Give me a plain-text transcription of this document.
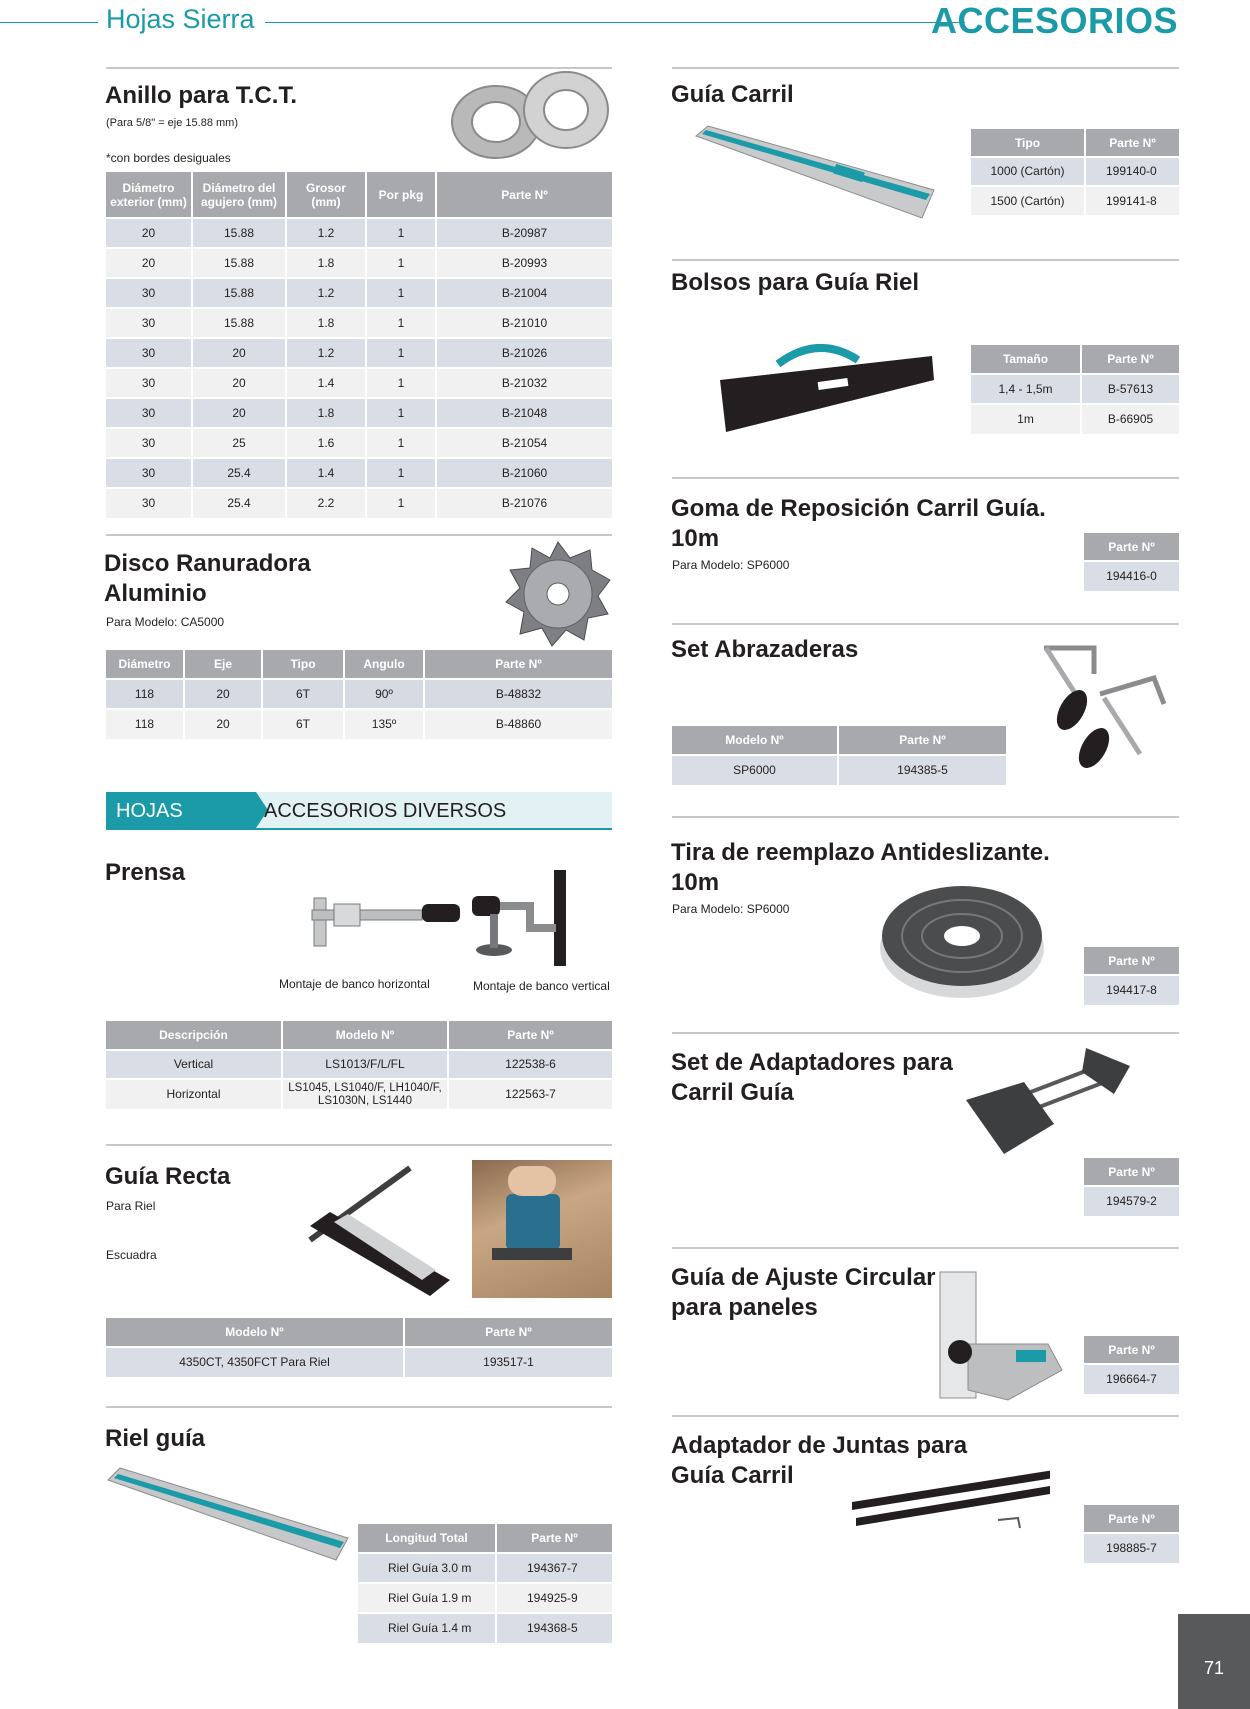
Hojas Sierra	ACCESORIOS
Anillo para T.C.T.
(Para 5/8" = eje 15.88 mm)
*con bordes desiguales
Diámetro exterior (mm)	Diámetro del agujero (mm)	Grosor (mm)	Por pkg	Parte Nº
20	15.88	1.2	1	B-20987
20	15.88	1.8	1	B-20993
30	15.88	1.2	1	B-21004
30	15.88	1.8	1	B-21010
30	20	1.2	1	B-21026
30	20	1.4	1	B-21032
30	20	1.8	1	B-21048
30	25	1.6	1	B-21054
30	25.4	1.4	1	B-21060
30	25.4	2.2	1	B-21076
Disco Ranuradora
Aluminio
Para Modelo: CA5000
Diámetro	Eje	Tipo	Angulo	Parte Nº
118	20	6T	90º	B-48832
118	20	6T	135º	B-48860
HOJAS SIERRA
ACCESORIOS DIVERSOS
Prensa
Montaje de banco horizontal	Montaje de banco vertical
Descripción	Modelo Nº	Parte Nº
Vertical	LS1013/F/L/FL	122538-6
Horizontal	LS1045, LS1040/F, LH1040/F, LS1030N, LS1440	122563-7
Guía Recta
Para Riel
Escuadra
Modelo Nº	Parte Nº
4350CT, 4350FCT Para Riel	193517-1
Riel guía
Longitud Total	Parte Nº
Riel Guía 3.0 m	194367-7
Riel Guía 1.9 m	194925-9
Riel Guía 1.4 m	194368-5
Guía Carril
Tipo	Parte Nº
1000 (Cartón)	199140-0
1500 (Cartón)	199141-8
Bolsos para Guía Riel
Tamaño	Parte Nº
1,4 - 1,5m	B-57613
1m	B-66905
Goma de Reposición Carril Guía.
10m
Para Modelo: SP6000
Parte Nº
194416-0
Set Abrazaderas
Modelo Nº	Parte Nº
SP6000	194385-5
Tira de reemplazo Antideslizante.
10m
Para Modelo: SP6000
Parte Nº
194417-8
Set de Adaptadores para
Carril Guía
Parte Nº
194579-2
Guía de Ajuste Circular
para paneles
Parte Nº
196664-7
Adaptador de Juntas para
Guía Carril
Parte Nº
198885-7
71
